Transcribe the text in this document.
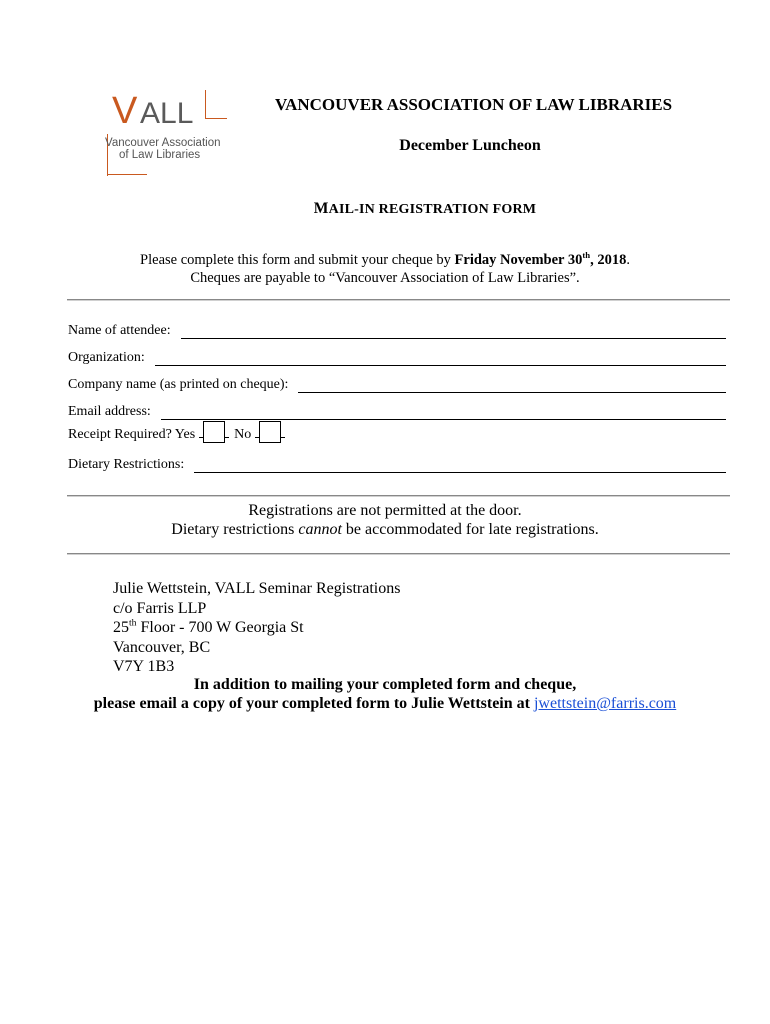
V ALL
Vancouver Association
of Law Libraries
VANCOUVER ASSOCIATION OF LAW LIBRARIES
December Luncheon
MAIL-IN REGISTRATION FORM
Please complete this form and submit your cheque by Friday November 30th, 2018.
Cheques are payable to “Vancouver Association of Law Libraries”.
Name of attendee:
Organization:
Company name (as printed on cheque):
Email address:
Receipt Required? Yes	No
Dietary Restrictions:
Registrations are not permitted at the door.
Dietary restrictions cannot be accommodated for late registrations.
Julie Wettstein, VALL Seminar Registrations
c/o Farris LLP
25th Floor - 700 W Georgia St
Vancouver, BC
V7Y 1B3
In addition to mailing your completed form and cheque,
please email a copy of your completed form to Julie Wettstein at jwettstein@farris.com
